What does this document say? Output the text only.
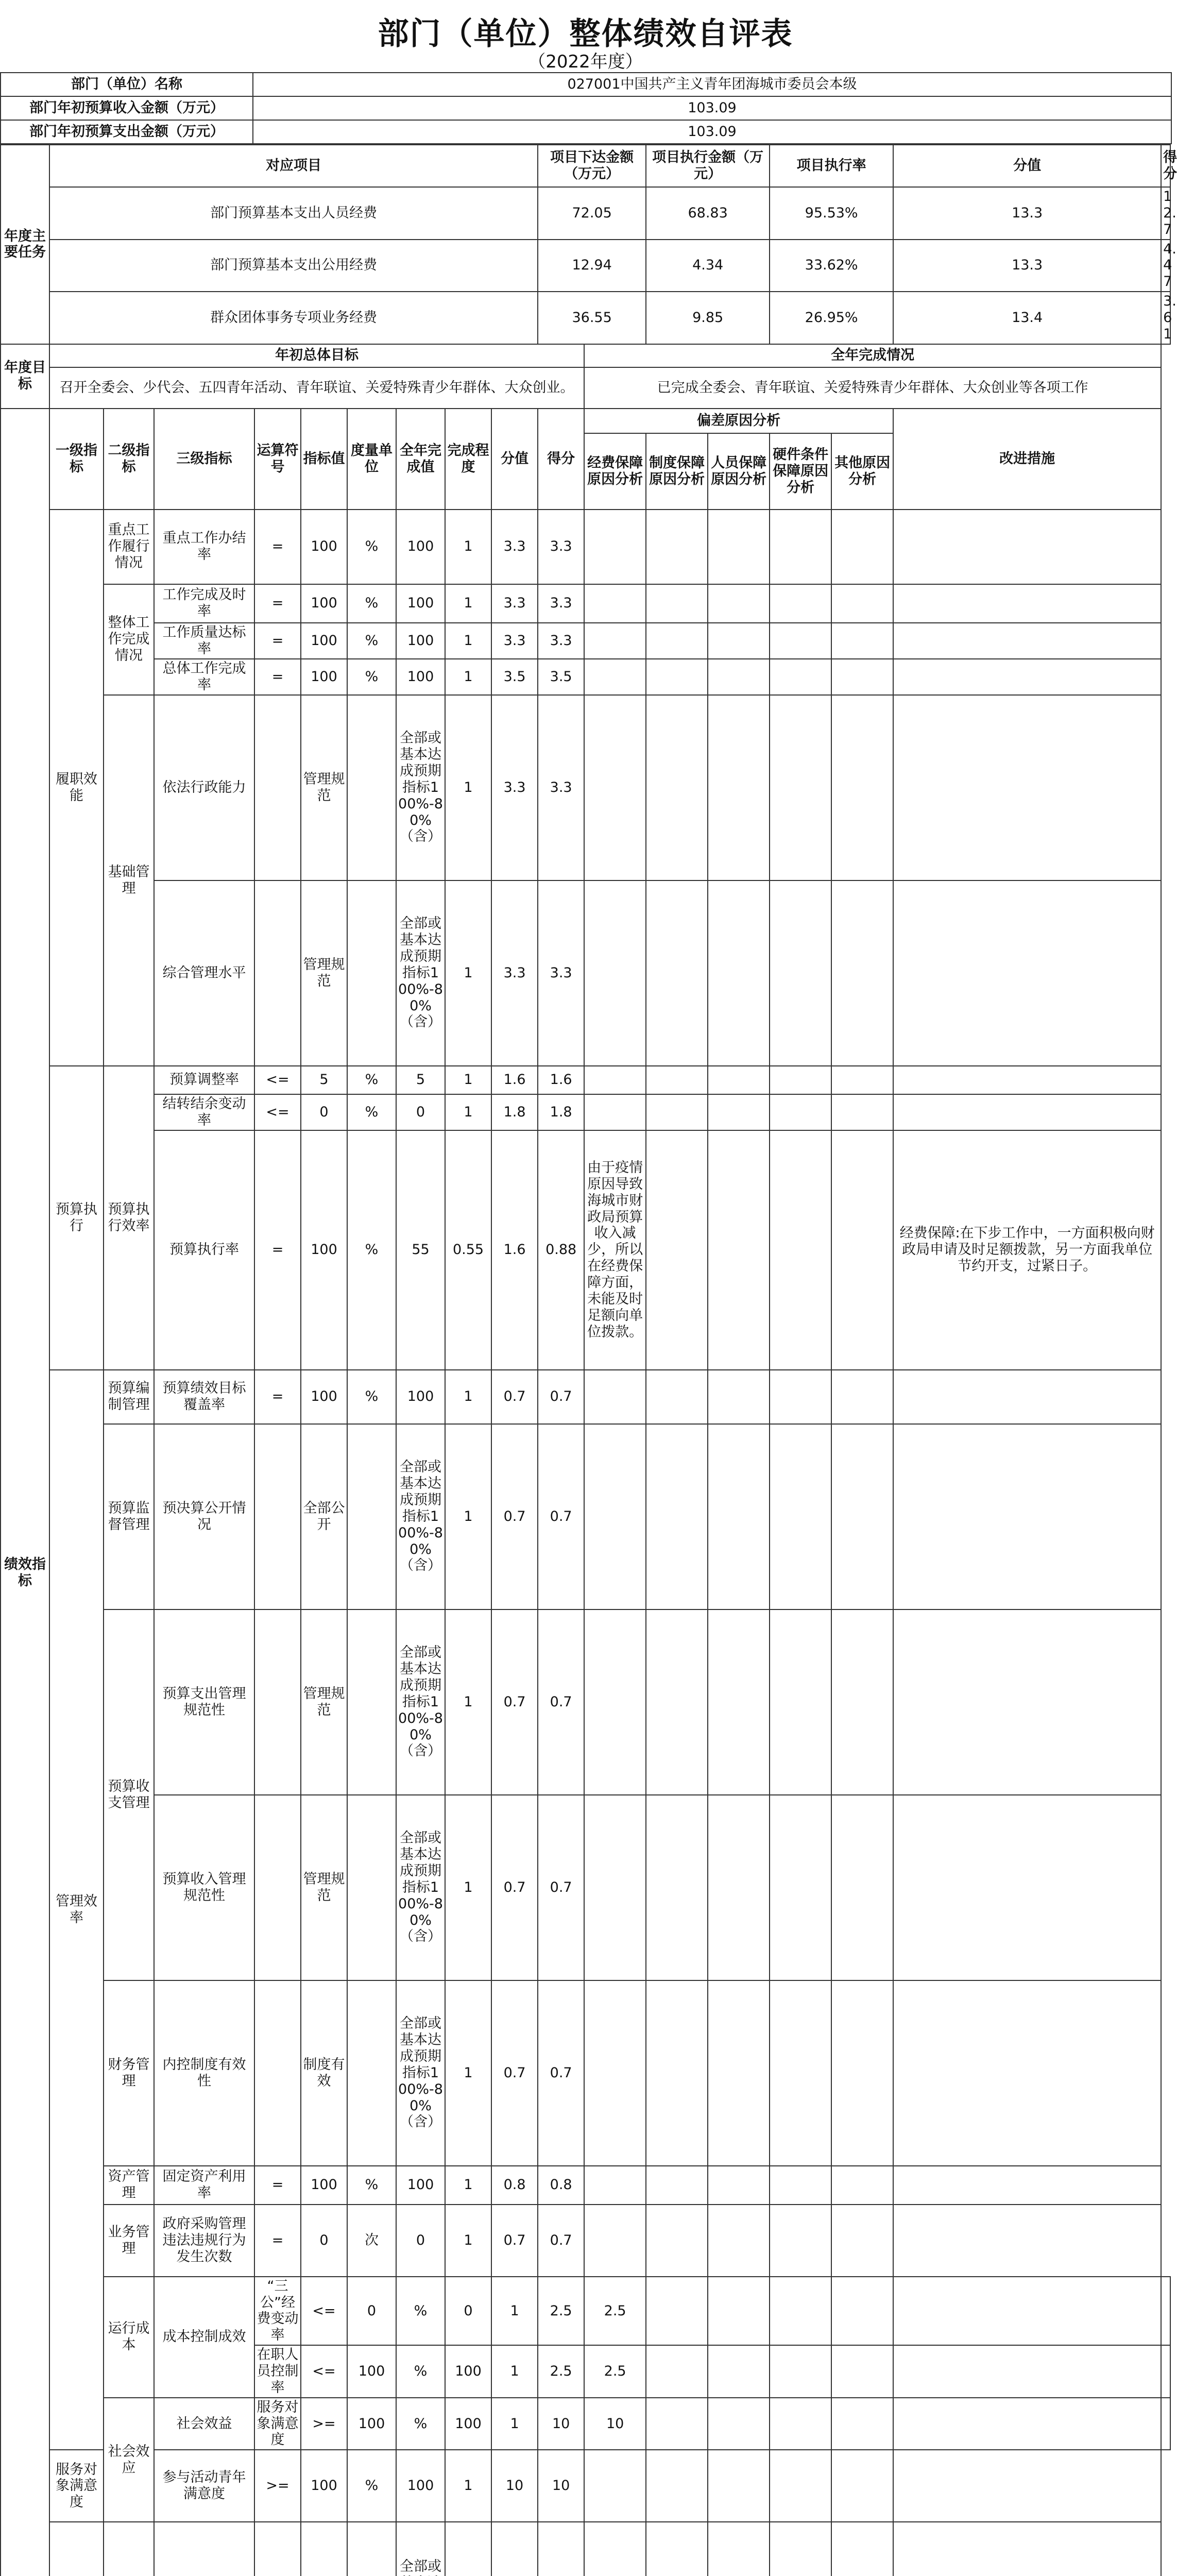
部门（单位）整体绩效自评表
（2022年度）
部门（单位）名称	027001中国共产主义青年团海城市委员会本级
部门年初预算收入金额（万元）	103.09
部门年初预算支出金额（万元）	103.09
年度主要任务	对应项目									项目下达金额（万元）		项目执行金额（万元）		项目执行率		分值	得分
	部门预算基本支出人员经费									72.05		68.83		95.53%		13.3	12.7
	部门预算基本支出公用经费									12.94		4.34		33.62%		13.3	4.47
	群众团体事务专项业务经费									36.55		9.85		26.95%		13.4	3.61
年度目标	年初总体目标										全年完成情况						
	召开全委会、少代会、五四青年活动、青年联谊、关爱特殊青少年群体、大众创业。										已完成全委会、青年联谊、关爱特殊青少年群体、大众创业等各项工作						
绩效指标	一级指标	二级指标	三级指标	运算符号	指标值	度量单位	全年完成值	完成程度	分值	得分	偏差原因分析					改进措施	
											经费保障原因分析	制度保障原因分析	人员保障原因分析	硬件条件保障原因分析	其他原因分析		
	履职效能	重点工作履行情况	重点工作办结率	=	100	%	100	1	3.3	3.3							
		整体工作完成情况	工作完成及时率	=	100	%	100	1	3.3	3.3							
			工作质量达标率	=	100	%	100	1	3.3	3.3							
			总体工作完成率	=	100	%	100	1	3.5	3.5							
		基础管理	依法行政能力		管理规范		全部或基本达成预期指标100%-80%（含）	1	3.3	3.3							
			综合管理水平		管理规范		全部或基本达成预期指标100%-80%（含）	1	3.3	3.3							
	预算执行	预算执行效率	预算调整率	<=	5	%	5	1	1.6	1.6							
			结转结余变动率	<=	0	%	0	1	1.8	1.8							
			预算执行率	=	100	%	55	0.55	1.6	0.88	由于疫情原因导致海城市财政局预算收入减少，所以在经费保障方面，未能及时足额向单位拨款。					经费保障:在下步工作中，一方面积极向财政局申请及时足额拨款，另一方面我单位节约开支，过紧日子。	
	管理效率	预算编制管理	预算绩效目标覆盖率	=	100	%	100	1	0.7	0.7							
		预算监督管理	预决算公开情况		全部公开		全部或基本达成预期指标100%-80%（含）	1	0.7	0.7							
		预算收支管理	预算支出管理规范性		管理规范		全部或基本达成预期指标100%-80%（含）	1	0.7	0.7							
			预算收入管理规范性		管理规范		全部或基本达成预期指标100%-80%（含）	1	0.7	0.7							
		财务管理	内控制度有效性		制度有效		全部或基本达成预期指标100%-80%（含）	1	0.7	0.7							
		资产管理	固定资产利用率	=	100	%	100	1	0.8	0.8							
		业务管理	政府采购管理违法违规行为发生次数	=	0	次	0	1	0.7	0.7							
		运行成本	成本控制成效	“三公”经费变动率	<=	0	%	0	1	2.5	2.5						
				在职人员控制率	<=	100	%	100	1	2.5	2.5						
		社会效应	社会效益	服务对象满意度	>=	100	%	100	1	10	10						
	服务对象满意度		参与活动青年满意度	>=	100	%	100	1	10	10							
						全部或									
